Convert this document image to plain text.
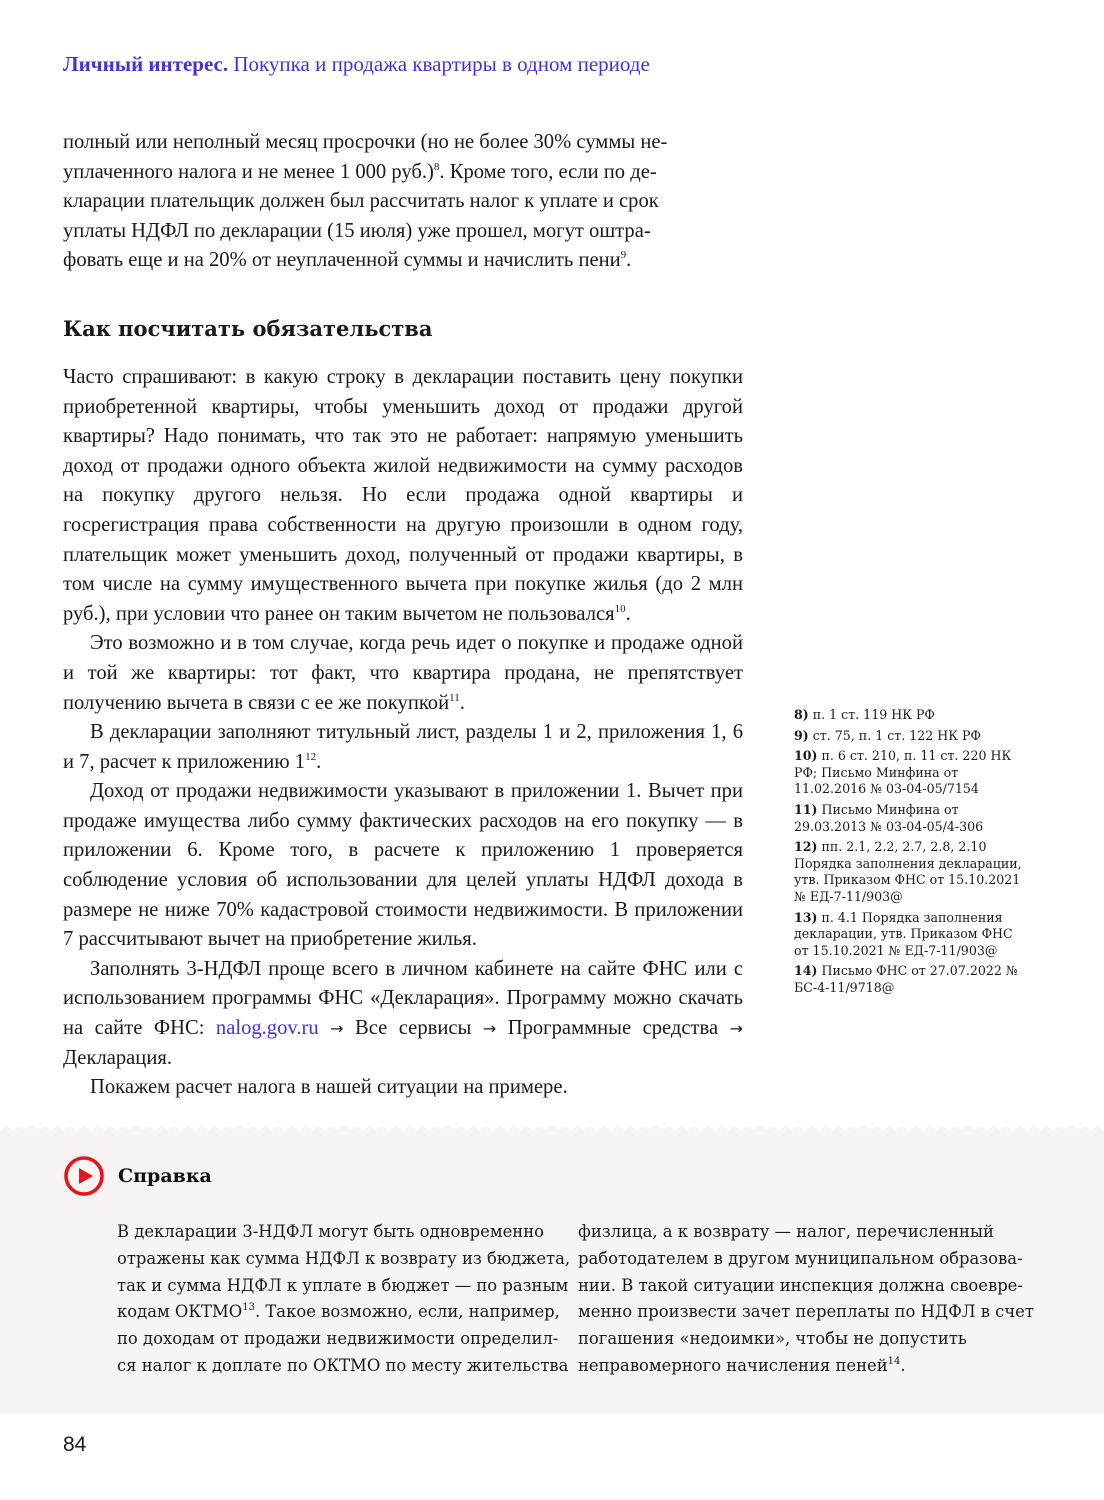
Личный интерес. Покупка и продажа квартиры в одном периоде

полный или неполный месяц просрочки (но не более 30% суммы не-
уплаченного налога и не менее 1 000 руб.)$^8$. Кроме того, если по де-
кларации плательщик должен был рассчитать налог к уплате и срок
уплаты НДФЛ по декларации (15 июля) уже прошел, могут оштра-
фовать еще и на 20% от неуплаченной суммы и начислить пени$^9$.

Как посчитать обязательства

Часто спрашивают: в какую строку в декларации поставить цену покупки приобретенной квартиры, чтобы уменьшить доход от продажи другой квартиры? Надо понимать, что так это не работает: напрямую уменьшить доход от продажи одного объекта жилой недвижимости на сумму расходов на покупку другого нельзя. Но если продажа одной квартиры и госрегистрация права собственности на другую произошли в одном году, плательщик может уменьшить доход, полученный от продажи квартиры, в том числе на сумму имущественного вычета при покупке жилья (до 2 млн руб.), при условии что ранее он таким вычетом не пользовался$^{10}$.

Это возможно и в том случае, когда речь идет о покупке и продаже одной и той же квартиры: тот факт, что квартира продана, не препятствует получению вычета в связи с ее же покупкой$^{11}$.

В декларации заполняют титульный лист, разделы 1 и 2, приложения 1, 6 и 7, расчет к приложению $1^{12}$.

Доход от продажи недвижимости указывают в приложении 1. Вычет при продаже имущества либо сумму фактических расходов на его покупку — в приложении 6. Кроме того, в расчете к приложению 1 проверяется соблюдение условия об использовании для целей уплаты НДФЛ дохода в размере не ниже 70% кадастровой стоимости недвижимости. В приложении 7 рассчитывают вычет на приобретение жилья.

Заполнять 3-НДФЛ проще всего в личном кабинете на сайте ФНС или с использованием программы ФНС «Декларация». Программу можно скачать на сайте ФНС: nalog.gov.ru → Все сервисы → Программные средства → Декларация.

Покажем расчет налога в нашей ситуации на примере.

8) п. 1 ст. 119 НК РФ

9) ст. 75, п. 1 ст. 122 НК РФ

10) п. 6 ст. 210, п. 11 ст. 220 НК РФ; Письмо Минфина от 11.02.2016 № 03-04-05/7154

11) Письмо Минфина от 29.03.2013 № 03-04-05/4-306

12) пп. 2.1, 2.2, 2.7, 2.8, 2.10 Порядка заполнения декларации, утв. Приказом ФНС от 15.10.2021 № ЕД-7-11/903@

13) п. 4.1 Порядка заполнения декларации, утв. Приказом ФНС от 15.10.2021 № ЕД-7-11/903@

14) Письмо ФНС от 27.07.2022 № БС-4-11/9718@

Справка
В декларации 3-НДФЛ могут быть одновременно
отражены как сумма НДФЛ к возврату из бюджета,
так и сумма НДФЛ к уплате в бюджет — по разным
кодам ОКТМО$^{13}$. Такое возможно, если, например,
по доходам от продажи недвижимости определил-
ся налог к доплате по ОКТМО по месту жительства
физлица, а к возврату — налог, перечисленный
работодателем в другом муниципальном образова-
нии. В такой ситуации инспекция должна своевре-
менно произвести зачет переплаты по НДФЛ в счет
погашения «недоимки», чтобы не допустить
неправомерного начисления пеней$^{14}$.
84
